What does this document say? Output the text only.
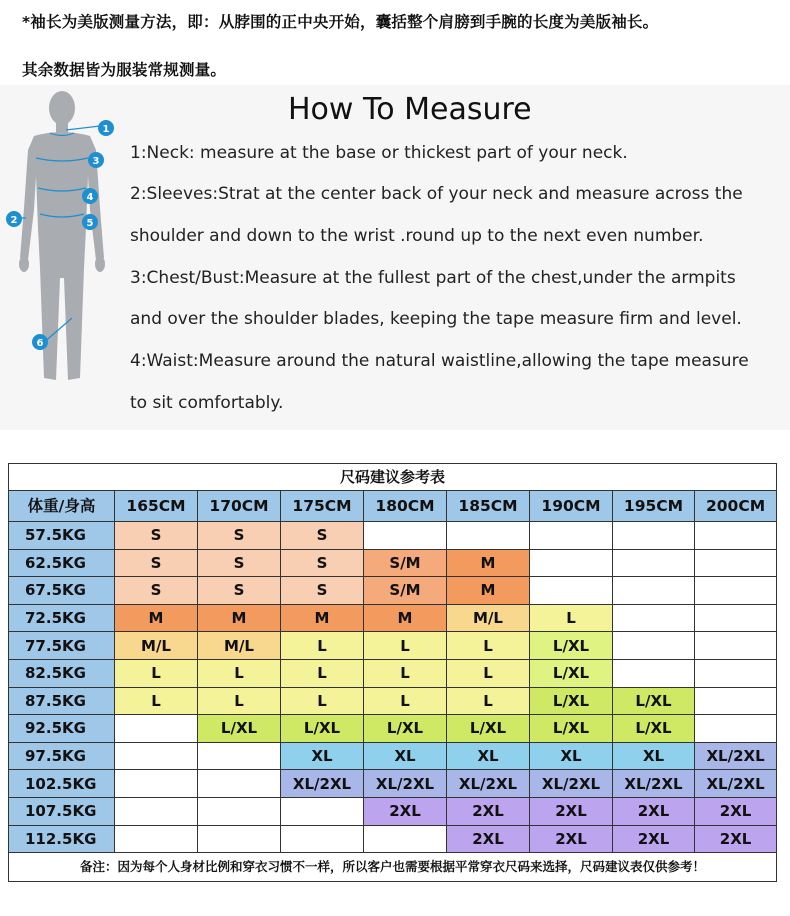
*袖长为美版测量方法，即：从脖围的正中央开始，囊括整个肩膀到手腕的长度为美版袖长。
其余数据皆为服装常规测量。
1
2
3
4
5
6
How To Measure
1:Neck: measure at the base or thickest part of your neck.
2:Sleeves:Strat at the center back of your neck and measure across the
shoulder and down to the wrist .round up to the next even number.
3:Chest/Bust:Measure at the fullest part of the chest,under the armpits
and over the shoulder blades, keeping the tape measure firm and level.
4:Waist:Measure around the natural waistline,allowing the tape measure
to sit comfortably.
尺码建议参考表								
体重/身高	165CM	170CM	175CM	180CM	185CM	190CM	195CM	200CM
57.5KG	S	S	S					
62.5KG	S	S	S	S/M	M			
67.5KG	S	S	S	S/M	M			
72.5KG	M	M	M	M	M/L	L		
77.5KG	M/L	M/L	L	L	L	L/XL		
82.5KG	L	L	L	L	L	L/XL		
87.5KG	L	L	L	L	L	L/XL	L/XL	
92.5KG		L/XL	L/XL	L/XL	L/XL	L/XL	L/XL	
97.5KG			XL	XL	XL	XL	XL	XL/2XL
102.5KG			XL/2XL	XL/2XL	XL/2XL	XL/2XL	XL/2XL	XL/2XL
107.5KG				2XL	2XL	2XL	2XL	2XL
112.5KG					2XL	2XL	2XL	2XL
备注：因为每个人身材比例和穿衣习惯不一样，所以客户也需要根据平常穿衣尺码来选择，尺码建议表仅供参考！								
